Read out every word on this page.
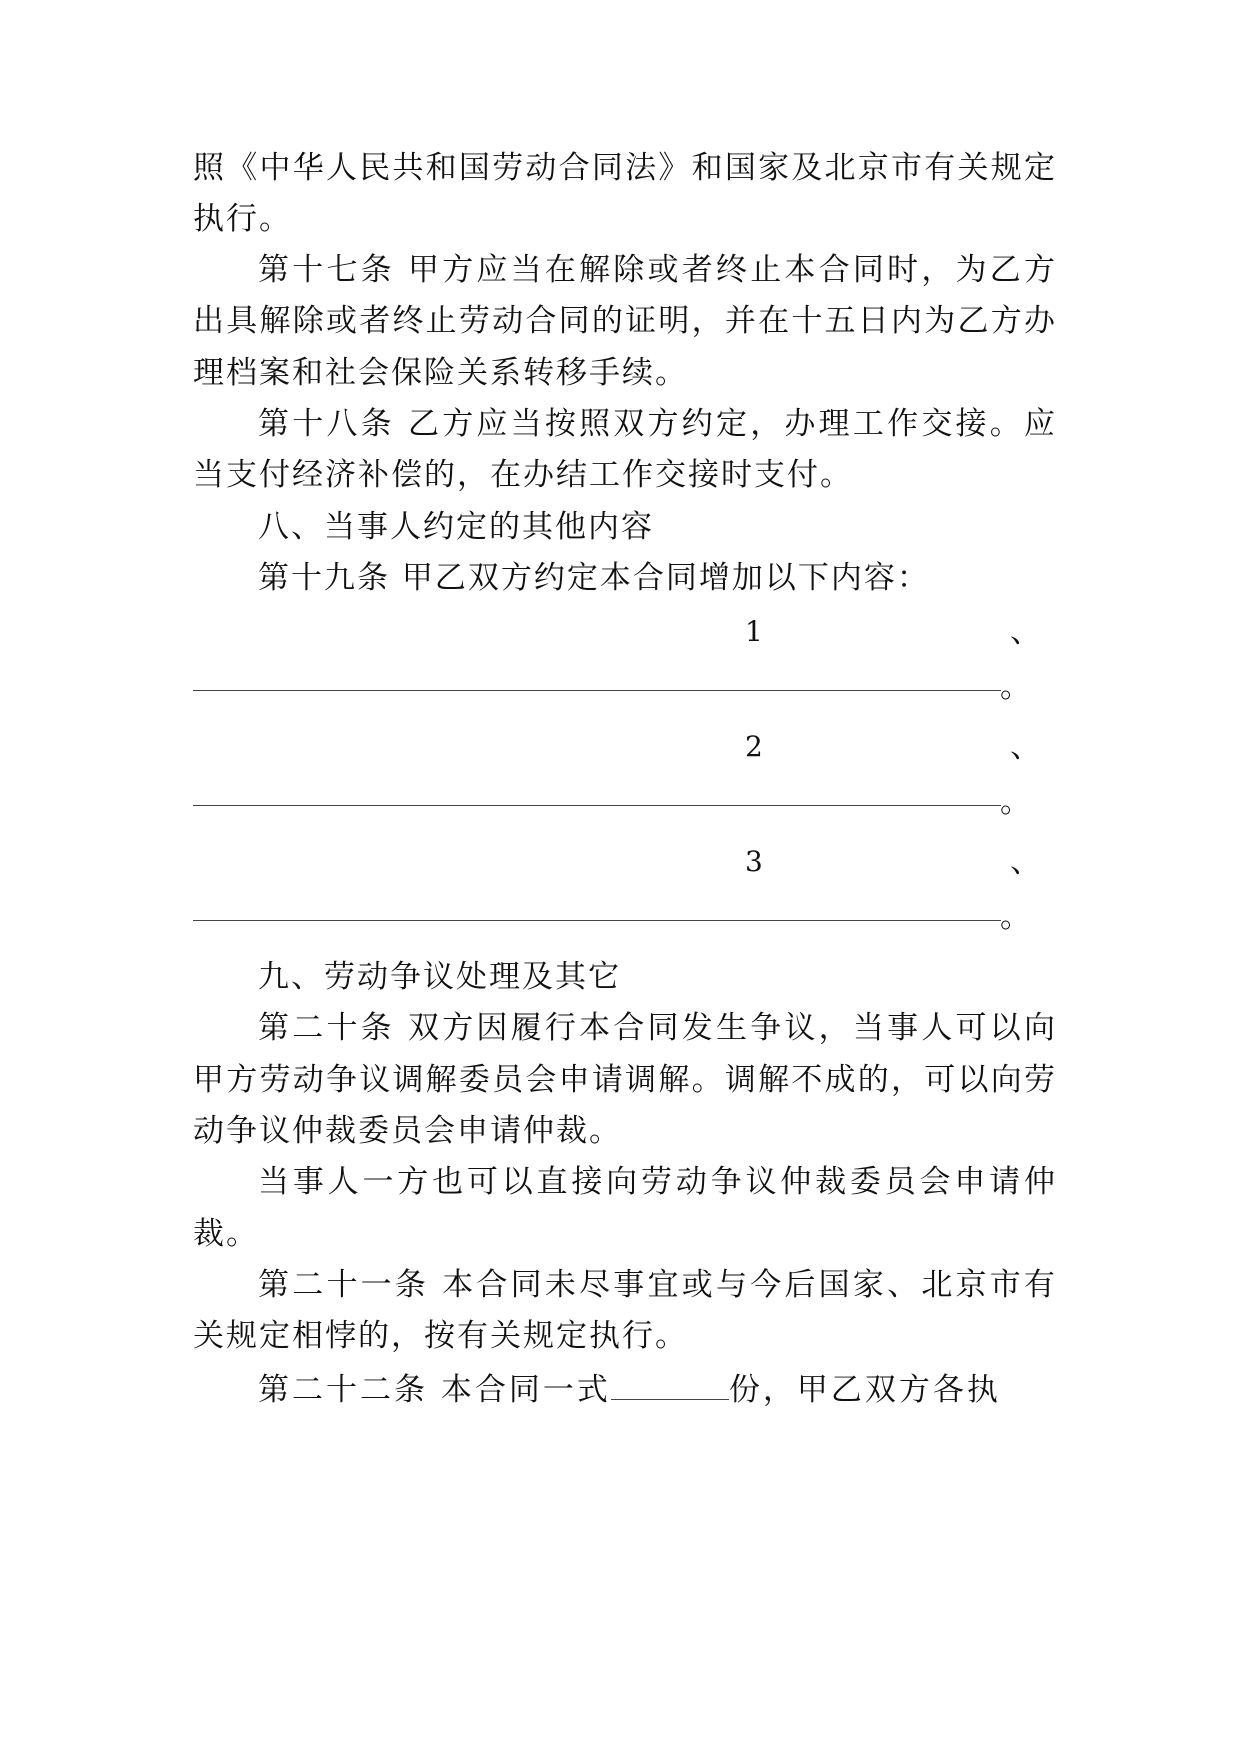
照《中华人民共和国劳动合同法》和国家及北京市有关规定
执行。
第十七条 甲方应当在解除或者终止本合同时，为乙方
出具解除或者终止劳动合同的证明，并在十五日内为乙方办
理档案和社会保险关系转移手续。
第十八条 乙方应当按照双方约定，办理工作交接。应
当支付经济补偿的，在办结工作交接时支付。
八、当事人约定的其他内容
第十九条 甲乙双方约定本合同增加以下内容：
1	、
。
2	、
。
3	、
。
九、劳动争议处理及其它
第二十条 双方因履行本合同发生争议，当事人可以向
甲方劳动争议调解委员会申请调解。调解不成的，可以向劳
动争议仲裁委员会申请仲裁。
当事人一方也可以直接向劳动争议仲裁委员会申请仲
裁。
第二十一条 本合同未尽事宜或与今后国家、北京市有
关规定相悖的，按有关规定执行。
第二十二条 本合同一式	份，甲乙双方各执
